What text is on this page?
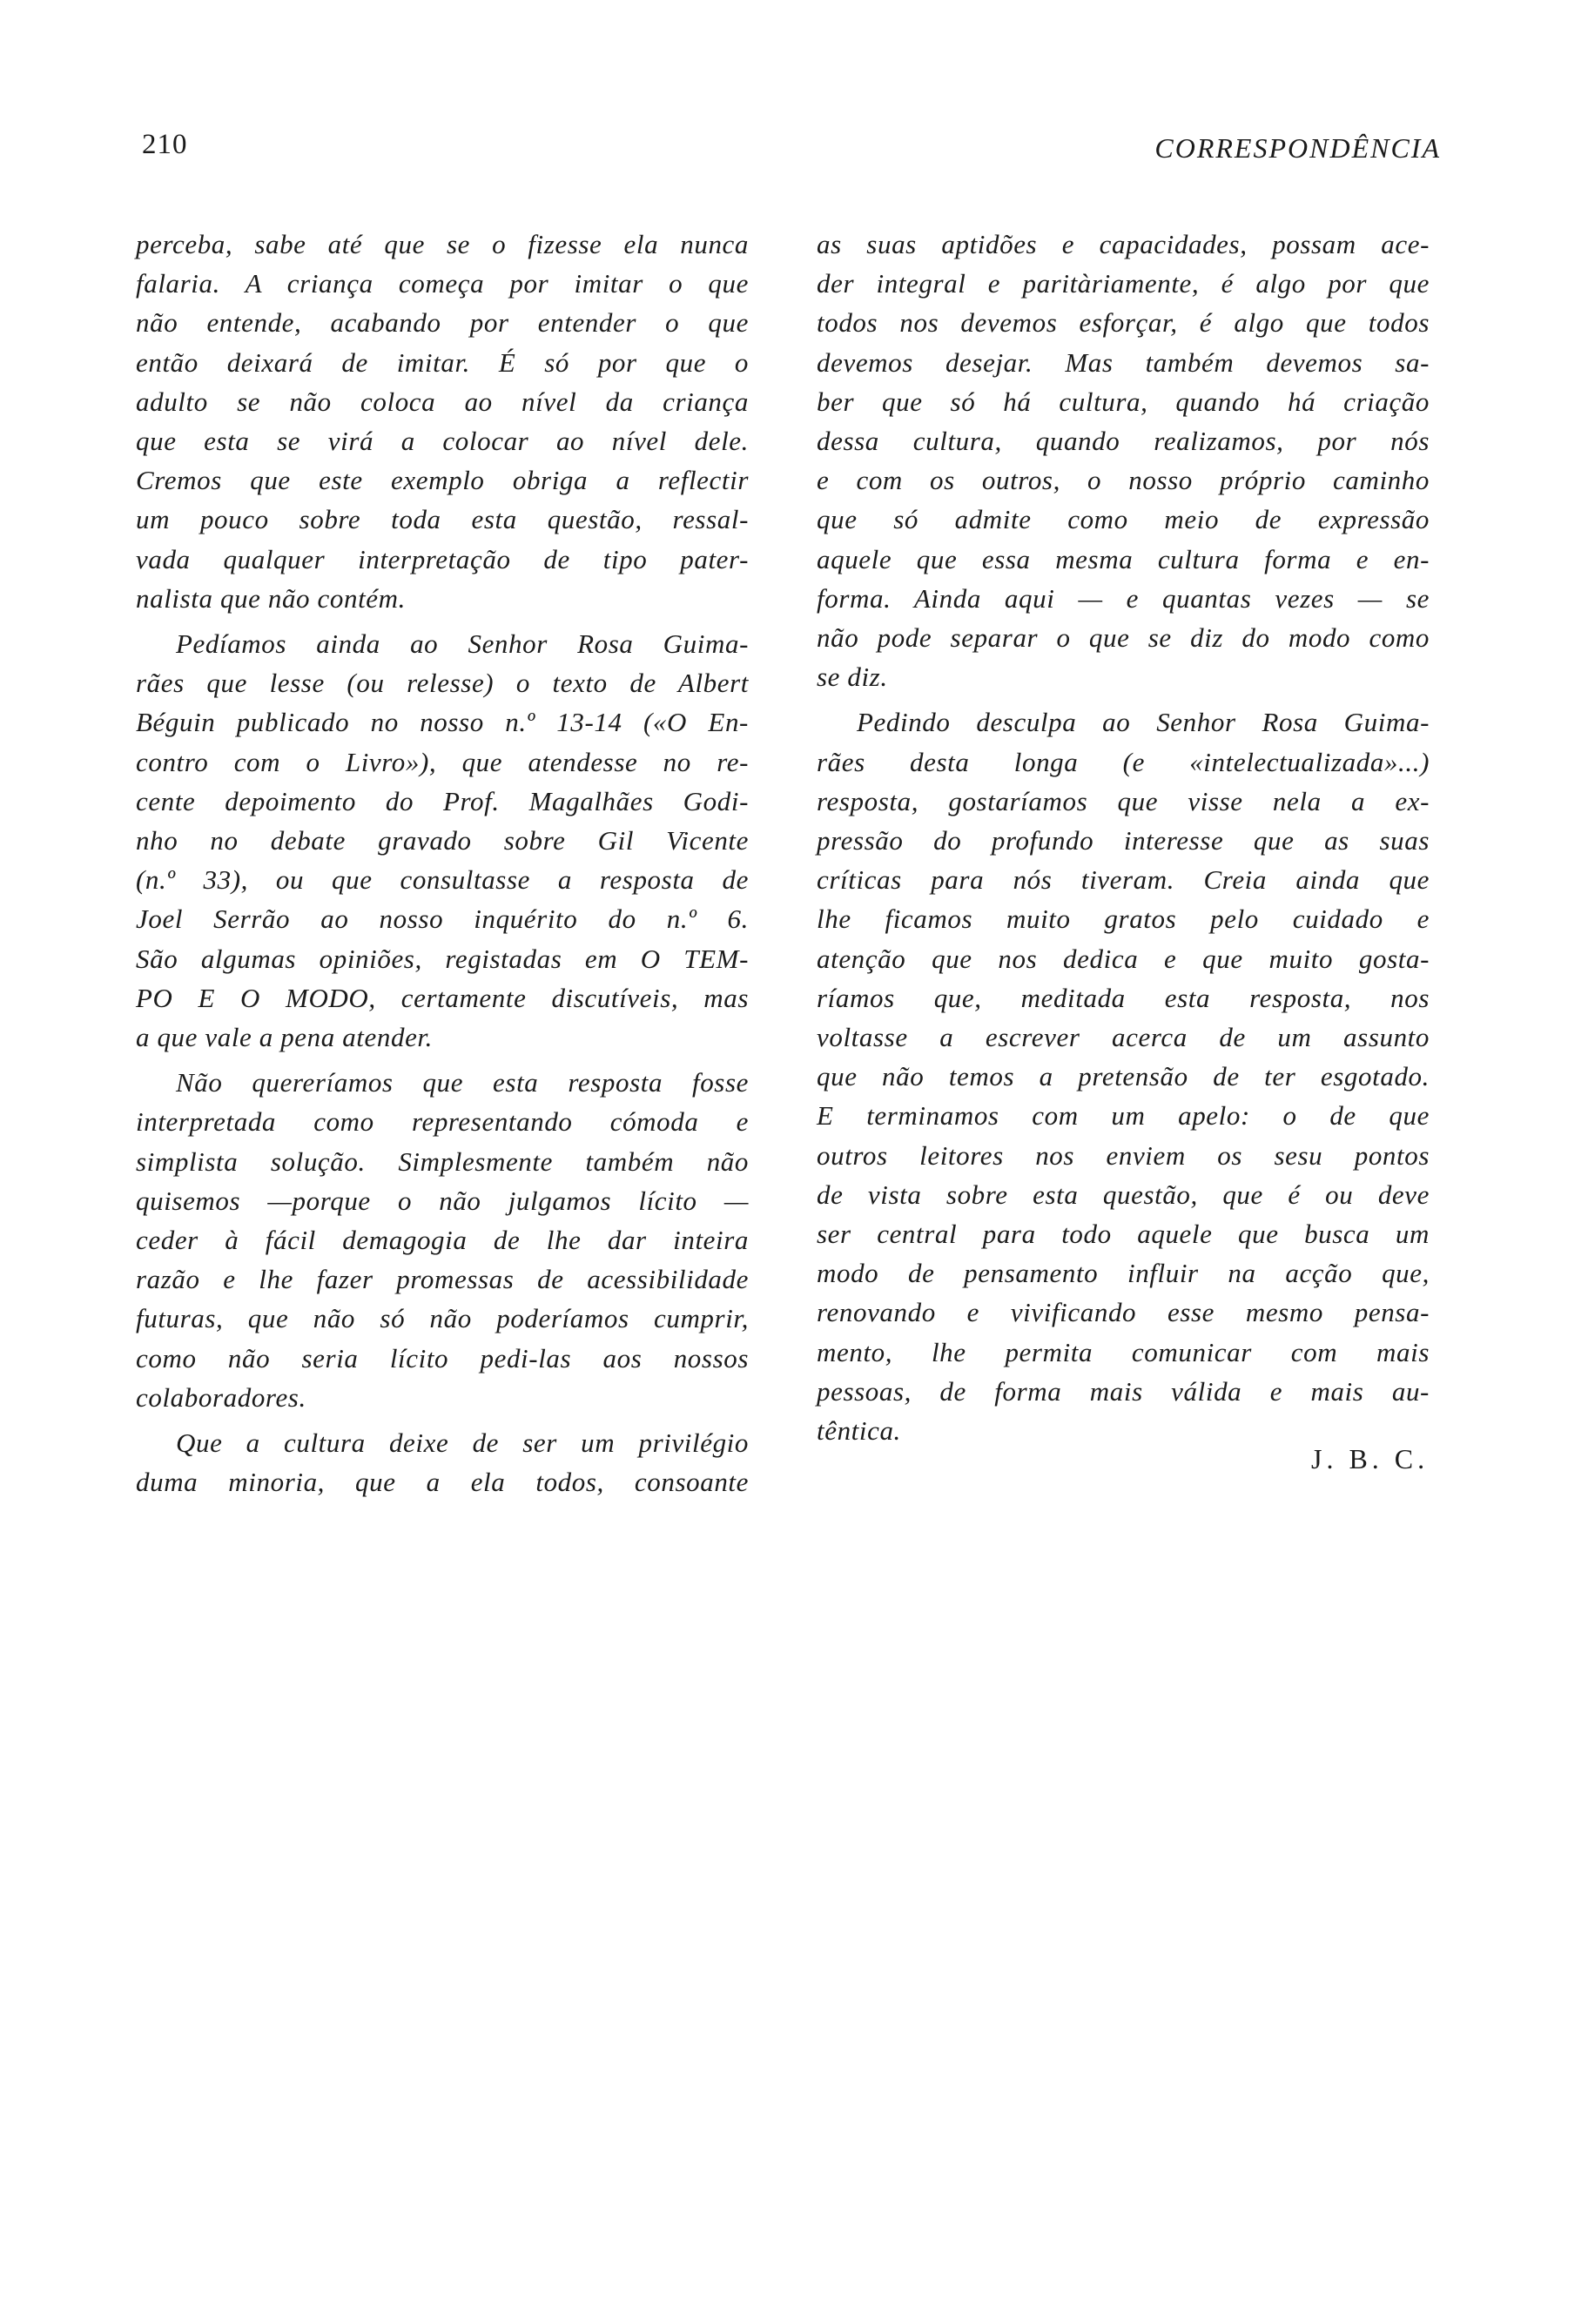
210	CORRESPONDÊNCIA
perceba, sabe até que se o fizesse ela nunca
falaria. A criança começa por imitar o que
não entende, acabando por entender o que
então deixará de imitar. É só por que o
adulto se não coloca ao nível da criança
que esta se virá a colocar ao nível dele.
Cremos que este exemplo obriga a reflectir
um pouco sobre toda esta questão, ressal-
vada qualquer interpretação de tipo pater-
nalista que não contém.
Pedíamos ainda ao Senhor Rosa Guima-
rães que lesse (ou relesse) o texto de Albert
Béguin publicado no nosso n.º 13-14 («O En-
contro com o Livro»), que atendesse no re-
cente depoimento do Prof. Magalhães Godi-
nho no debate gravado sobre Gil Vicente
(n.º 33), ou que consultasse a resposta de
Joel Serrão ao nosso inquérito do n.º 6.
São algumas opiniões, registadas em O TEM-
PO E O MODO, certamente discutíveis, mas
a que vale a pena atender.
Não quereríamos que esta resposta fosse
interpretada como representando cómoda e
simplista solução. Simplesmente também não
quisemos —porque o não julgamos lícito —
ceder à fácil demagogia de lhe dar inteira
razão e lhe fazer promessas de acessibilidade
futuras, que não só não poderíamos cumprir,
como não seria lícito pedi-las aos nossos
colaboradores.
Que a cultura deixe de ser um privilégio
duma minoria, que a ela todos, consoante
as suas aptidões e capacidades, possam ace-
der integral e paritàriamente, é algo por que
todos nos devemos esforçar, é algo que todos
devemos desejar. Mas também devemos sa-
ber que só há cultura, quando há criação
dessa cultura, quando realizamos, por nós
e com os outros, o nosso próprio caminho
que só admite como meio de expressão
aquele que essa mesma cultura forma e en-
forma. Ainda aqui — e quantas vezes — se
não pode separar o que se diz do modo como
se diz.
Pedindo desculpa ao Senhor Rosa Guima-
rães desta longa (e «intelectualizada»...)
resposta, gostaríamos que visse nela a ex-
pressão do profundo interesse que as suas
críticas para nós tiveram. Creia ainda que
lhe ficamos muito gratos pelo cuidado e
atenção que nos dedica e que muito gosta-
ríamos que, meditada esta resposta, nos
voltasse a escrever acerca de um assunto
que não temos a pretensão de ter esgotado.
E terminamos com um apelo: o de que
outros leitores nos enviem os sesu pontos
de vista sobre esta questão, que é ou deve
ser central para todo aquele que busca um
modo de pensamento influir na acção que,
renovando e vivificando esse mesmo pensa-
mento, lhe permita comunicar com mais
pessoas, de forma mais válida e mais au-
têntica.
J. B. C.
